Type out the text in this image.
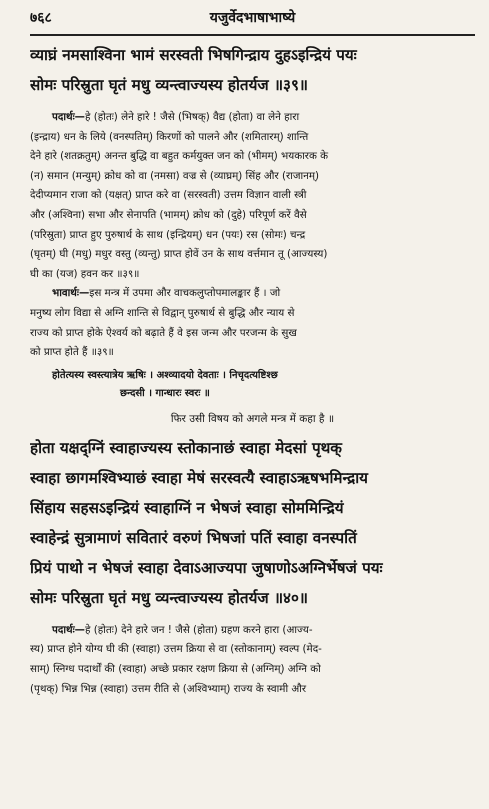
७६८	यजुर्वेदभाषाभाष्ये
व्याघ्रं नमसाश्विना भामं सरस्वती भिषगिन्द्राय दुहऽइन्द्रियं पयः
सोमः परिस्रुता घृतं मधु व्यन्त्वाज्यस्य होतर्यज ॥३९॥
पदार्थः—हे (होतः) लेने हारे ! जैसे (भिषक्) वैद्य (होता) वा लेने हारा
(इन्द्राय) धन के लिये (वनस्पतिम्) किरणों को पालने और (शमितारम्) शान्ति
देने हारे (शतक्रतुम्) अनन्त बुद्धि वा बहुत कर्मयुक्त जन को (भीमम्) भयकारक के
(न) समान (मन्युम्) क्रोध को वा (नमसा) वज्र से (व्याघ्रम्) सिंह और (राजानम्)
देदीप्यमान राजा को (यक्षत्) प्राप्त करे वा (सरस्वती) उत्तम विज्ञान वाली स्त्री
और (अश्विना) सभा और सेनापति (भामम्) क्रोध को (दुहे) परिपूर्ण करें वैसे
(परिस्रुता) प्राप्त हुए पुरुषार्थ के साथ (इन्द्रियम्) धन (पयः) रस (सोमः) चन्द्र
(घृतम्) घी (मधु) मधुर वस्तु (व्यन्तु) प्राप्त होवें उन के साथ वर्त्तमान तू (आज्यस्य)
घी का (यज) हवन कर ॥३९॥
भावार्थः—इस मन्त्र में उपमा और वाचकलुप्तोपमालङ्कार हैं । जो
मनुष्य लोग विद्या से अग्नि शान्ति से विद्वान् पुरुषार्थ से बुद्धि और न्याय से
राज्य को प्राप्त होके ऐश्वर्य को बढ़ाते हैं वे इस जन्म और परजन्म के सुख
को प्राप्त होते हैं ॥३९॥
होतेत्यस्य स्वस्त्यात्रेय ऋषिः । अश्व्यादयो देवताः । निचृदत्यष्टिश्छ
छन्दसी । गान्धारः स्वरः ॥
फिर उसी विषय को अगले मन्त्र में कहा है ॥
होता यक्षद्ग्निं स्वाहाज्यस्य स्तोकानाछं स्वाहा मेदसां पृथक्
स्वाहा छागमश्विभ्याछं स्वाहा मेषं सरस्वत्यै स्वाहाऽऋषभमिन्द्राय
सिंहाय सहसऽइन्द्रियं स्वाहाग्निं न भेषजं स्वाहा सोममिन्द्रियं
स्वाहेन्द्रं सुत्रामाणं सवितारं वरुणं भिषजां पतिं स्वाहा वनस्पतिं
प्रियं पाथो न भेषजं स्वाहा देवाऽआज्यपा जुषाणोऽअग्निर्भेषजं पयः
सोमः परिस्रुता घृतं मधु व्यन्त्वाज्यस्य होतर्यज ॥४०॥
पदार्थः—हे (होतः) देने हारे जन ! जैसे (होता) ग्रहण करने हारा (आज्य-
स्य) प्राप्त होने योग्य घी की (स्वाहा) उत्तम क्रिया से वा (स्तोकानाम्) स्वल्प (मेद-
साम्) स्निग्ध पदार्थों की (स्वाहा) अच्छे प्रकार रक्षण क्रिया से (अग्निम्) अग्नि को
(पृथक्) भिन्न भिन्न (स्वाहा) उत्तम रीति से (अश्विभ्याम्) राज्य के स्वामी और
